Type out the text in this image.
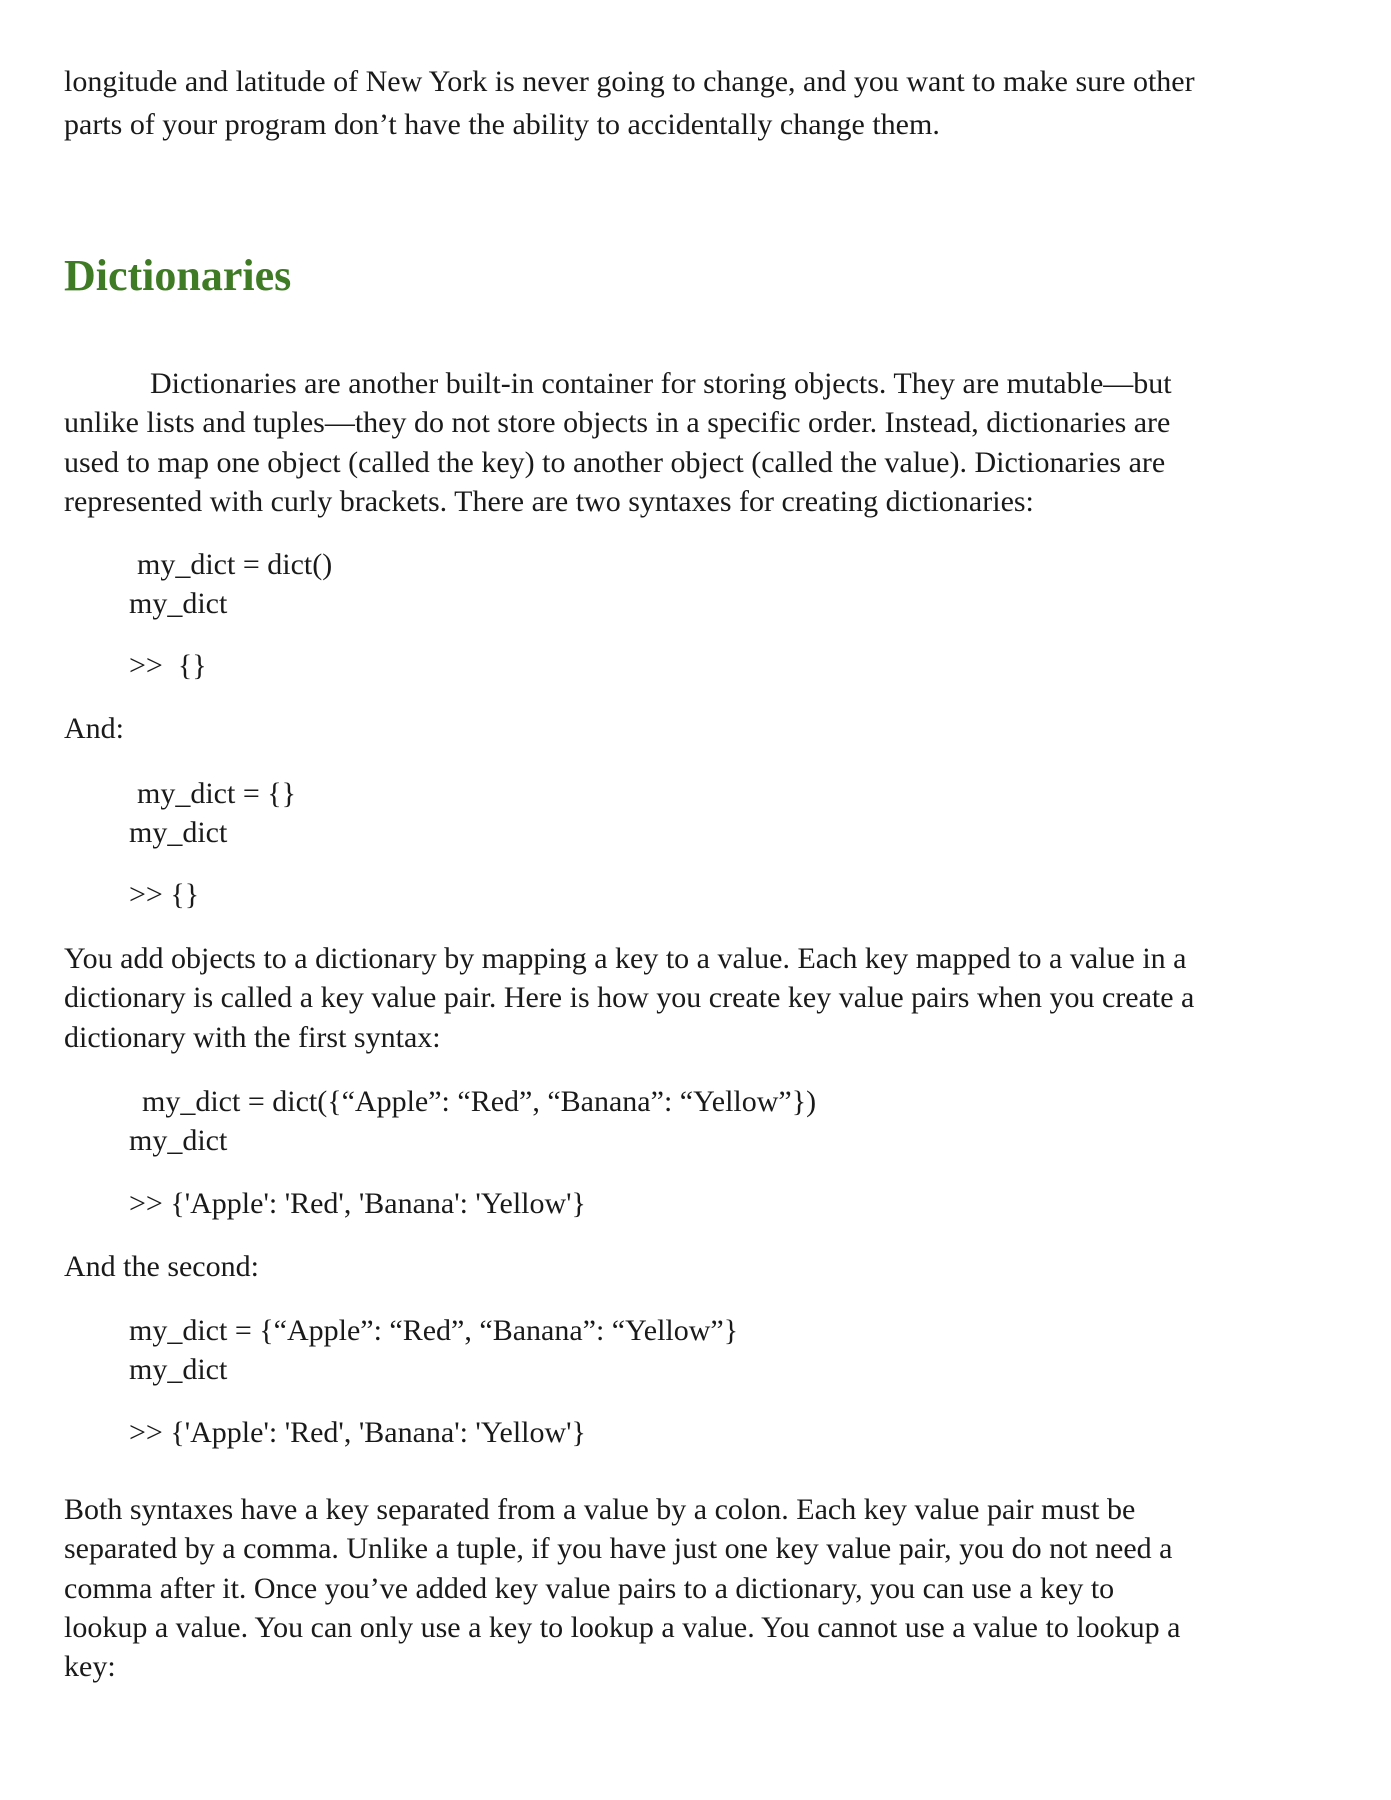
longitude and latitude of New York is never going to change, and you want to make sure other

parts of your program don’t have the ability to accidentally change them.

Dictionaries

Dictionaries are another built-in container for storing objects. They are mutable—but

unlike lists and tuples—they do not store objects in a specific order. Instead, dictionaries are

used to map one object (called the key) to another object (called the value). Dictionaries are

represented with curly brackets. There are two syntaxes for creating dictionaries:

my_dict = dict()

my_dict

>>  {}

And:

my_dict = {}

my_dict

>> {}

You add objects to a dictionary by mapping a key to a value. Each key mapped to a value in a

dictionary is called a key value pair. Here is how you create key value pairs when you create a

dictionary with the first syntax:

my_dict = dict({“Apple”: “Red”, “Banana”: “Yellow”})

my_dict

>> {'Apple': 'Red', 'Banana': 'Yellow'}

And the second:

my_dict = {“Apple”: “Red”, “Banana”: “Yellow”}

my_dict

>> {'Apple': 'Red', 'Banana': 'Yellow'}

Both syntaxes have a key separated from a value by a colon. Each key value pair must be

separated by a comma. Unlike a tuple, if you have just one key value pair, you do not need a

comma after it. Once you’ve added key value pairs to a dictionary, you can use a key to

lookup a value. You can only use a key to lookup a value. You cannot use a value to lookup a

key:
